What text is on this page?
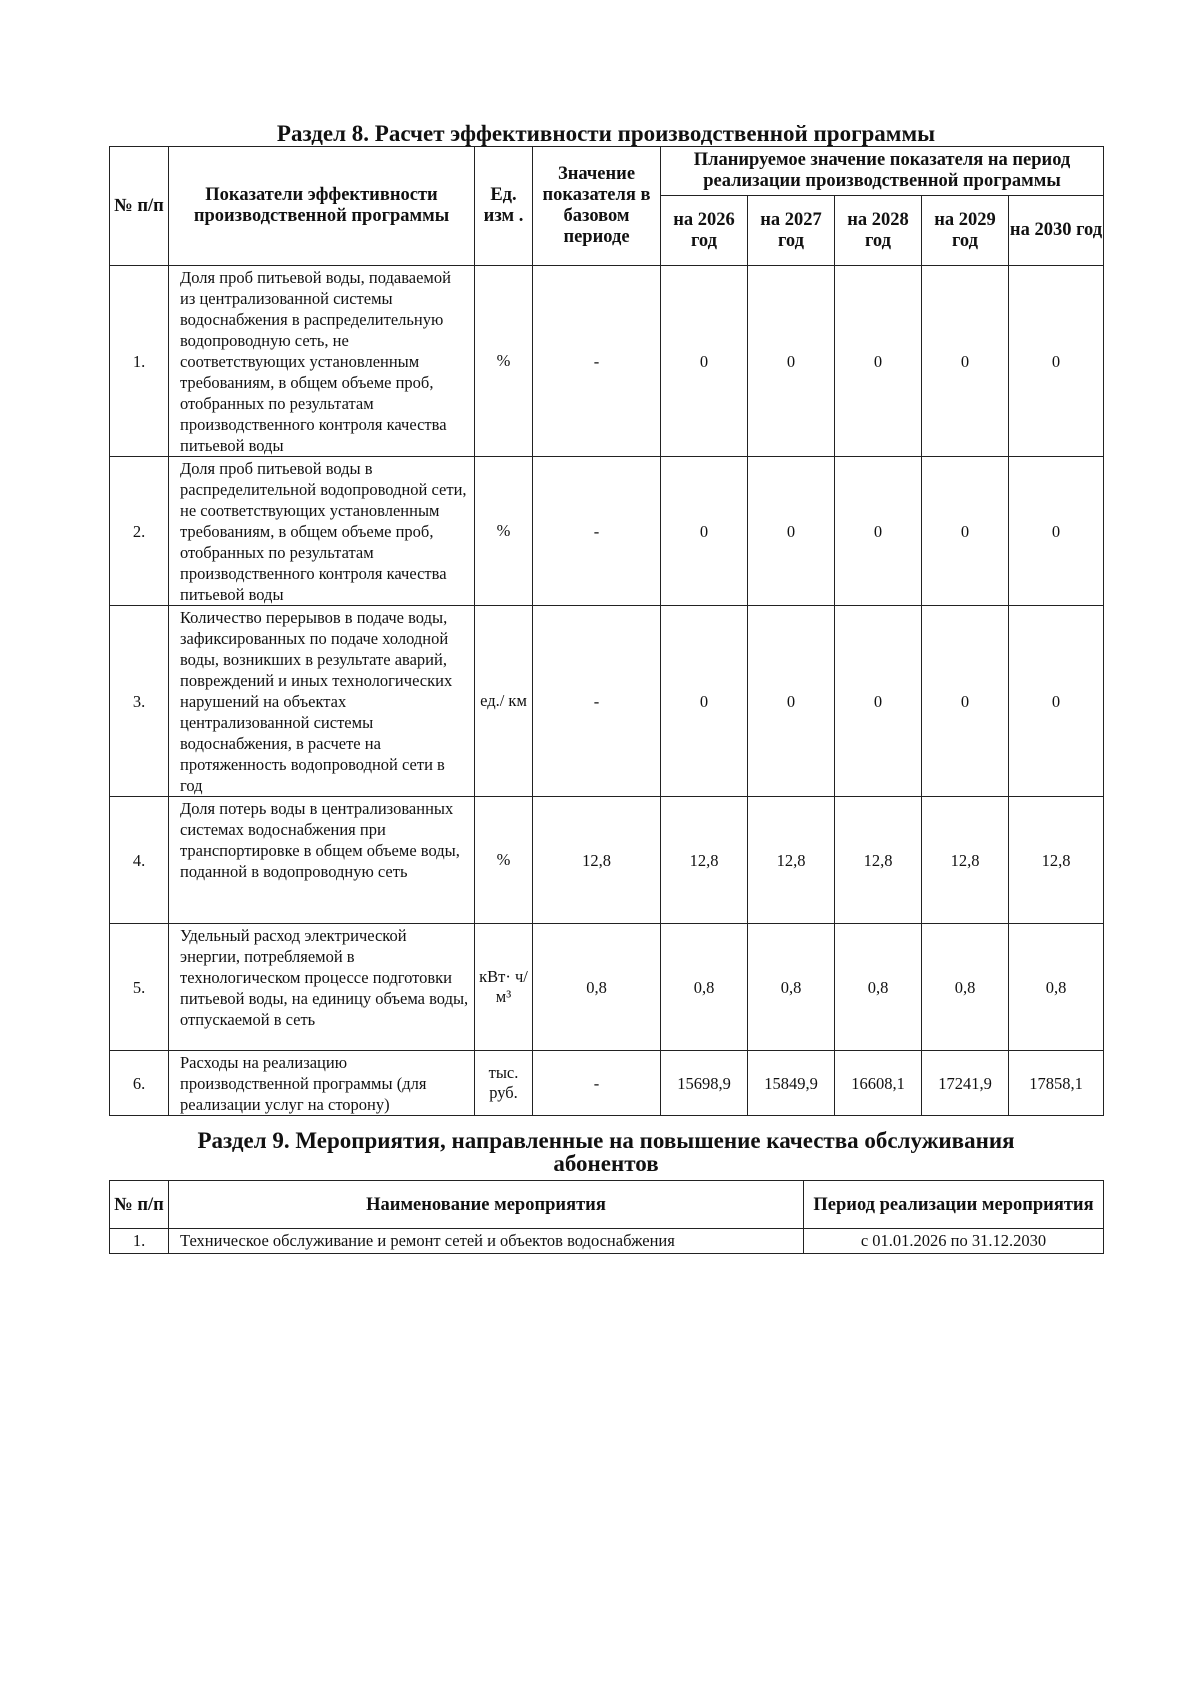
Раздел 8. Расчет эффективности производственной программы
№ п/п	Показатели эффективности производственной программы	Ед. изм .	Значение показателя в базовом периоде	Планируемое значение показателя на период реализации производственной программы				
				на 2026 год	на 2027 год	на 2028 год	на 2029 год	на 2030 год
1.	Доля проб питьевой воды, подаваемой из централизованной системы водоснабжения в распределительную водопроводную сеть, не соответствующих установленным требованиям, в общем объеме проб, отобранных по результатам производственного контроля качества питьевой воды	%	-	0	0	0	0	0
2.	Доля проб питьевой воды в распределительной водопроводной сети, не соответствующих установленным требованиям, в общем объеме проб, отобранных по результатам производственного контроля качества питьевой воды	%	-	0	0	0	0	0
3.	Количество перерывов в подаче воды, зафиксированных по подаче холодной воды, возникших в результате аварий, повреждений и иных технологических нарушений на объектах централизованной системы водоснабжения, в расчете на протяженность водопроводной сети в год	ед./ км	-	0	0	0	0	0
4.	Доля потерь воды в централизованных системах водоснабжения при транспортировке в общем объеме воды, поданной в водопроводную сеть	%	12,8	12,8	12,8	12,8	12,8	12,8
5.	Удельный расход электрической энергии, потребляемой в технологическом процессе подготовки питьевой воды, на единицу объема воды, отпускаемой в сеть	кВт· ч/м³	0,8	0,8	0,8	0,8	0,8	0,8
6.	Расходы на реализацию производственной программы (для реализации услуг на сторону)	тыс. руб.	-	15698,9	15849,9	16608,1	17241,9	17858,1
Раздел 9. Мероприятия, направленные на повышение качества обслуживания абонентов
№ п/п	Наименование мероприятия	Период реализации мероприятия
1.	Техническое обслуживание и ремонт сетей и объектов водоснабжения	с 01.01.2026 по 31.12.2030
